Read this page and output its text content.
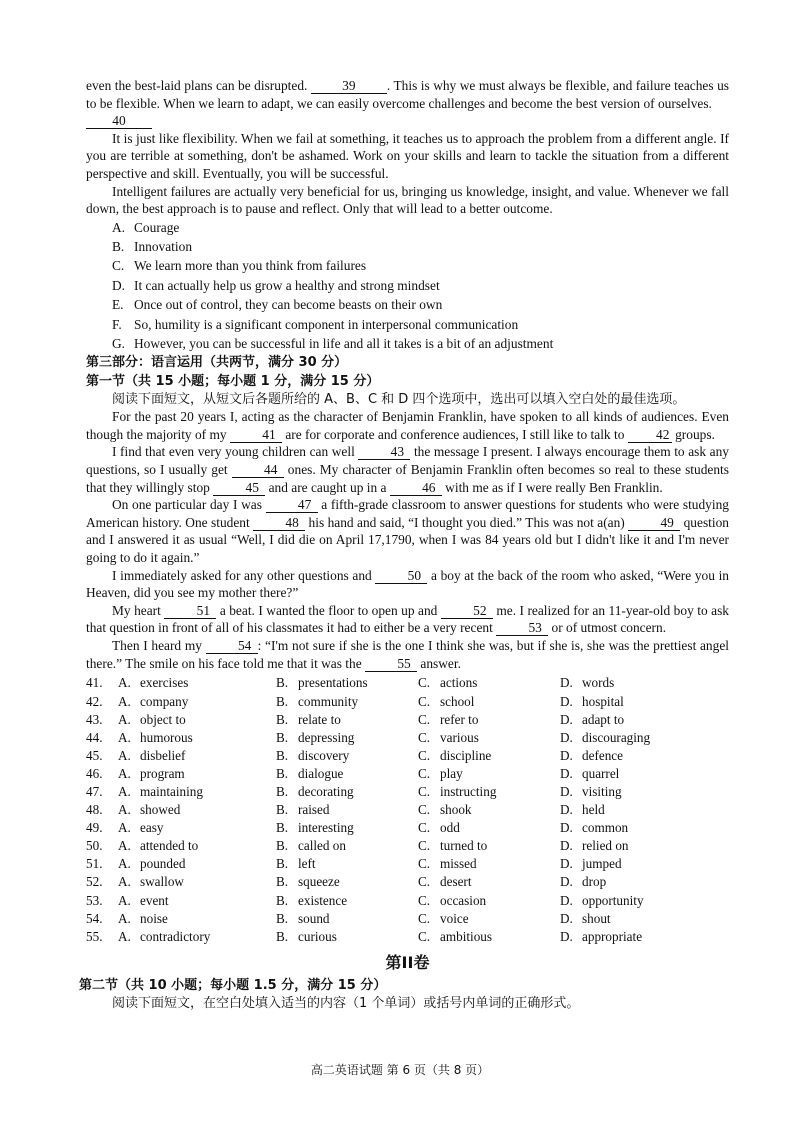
even the best-laid plans can be disrupted.	39 . This is why we must always be flexible, and failure teaches us to be flexible. When we learn to adapt, we can easily overcome challenges and become the best version of ourselves.

40

It is just like flexibility. When we fail at something, it teaches us to approach the problem from a different angle. If you are terrible at something, don't be ashamed. Work on your skills and learn to tackle the situation from a different perspective and skill. Eventually, you will be successful.

Intelligent failures are actually very beneficial for us, bringing us knowledge, insight, and value. Whenever we fall down, the best approach is to pause and reflect. Only that will lead to a better outcome.

A. Courage
B. Innovation
C. We learn more than you think from failures
D. It can actually help us grow a healthy and strong mindset
E. Once out of control, they can become beasts on their own
F. So, humility is a significant component in interpersonal communication
G. However, you can be successful in life and all it takes is a bit of an adjustment
第三部分：语言运用（共两节，满分 30 分）
第一节（共 15 小题；每小题 1 分，满分 15 分）
阅读下面短文，从短文后各题所给的 A、B、C 和 D 四个选项中，选出可以填入空白处的最佳选项。

For the past 20 years I, acting as the character of Benjamin Franklin, have spoken to all kinds of audiences. Even though the majority of my	41 are for corporate and conference audiences, I still like to talk to 42 groups.

I find that even very young children can well	43 the message I present. I always encourage them to ask any questions, so I usually get	44 ones. My character of Benjamin Franklin often becomes so real to these students that they willingly stop	45 and are caught up in a	46 with me as if I were really Ben Franklin.

On one particular day I was	47 a fifth-grade classroom to answer questions for students who were studying American history. One student	48 his hand and said, “I thought you died.” This was not a(an)	49 question and I answered it as usual “Well, I did die on April 17,1790, when I was 84 years old but I didn't like it and I'm never going to do it again.”

I immediately asked for any other questions and	50 a boy at the back of the room who asked, “Were you in Heaven, did you see my mother there?”

My heart	51 a beat. I wanted the floor to open up and	52 me. I realized for an 11-year-old boy to ask that question in front of all of his classmates it had to either be a very recent	53 or of utmost concern.

Then I heard my	54 : “I'm not sure if she is the one I think she was, but if she is, she was the prettiest angel there.” The smile on his face told me that it was the	55 answer.

41.	A. exercises	B. presentations	C. actions	D. words
42.	A. company	B. community	C. school	D. hospital
43.	A. object to	B. relate to	C. refer to	D. adapt to
44.	A. humorous	B. depressing	C. various	D. discouraging
45.	A. disbelief	B. discovery	C. discipline	D. defence
46.	A. program	B. dialogue	C. play	D. quarrel
47.	A. maintaining	B. decorating	C. instructing	D. visiting
48.	A. showed	B. raised	C. shook	D. held
49.	A. easy	B. interesting	C. odd	D. common
50.	A. attended to	B. called on	C. turned to	D. relied on
51.	A. pounded	B. left	C. missed	D. jumped
52.	A. swallow	B. squeeze	C. desert	D. drop
53.	A. event	B. existence	C. occasion	D. opportunity
54.	A. noise	B. sound	C. voice	D. shout
55.	A. contradictory	B. curious	C. ambitious	D. appropriate
第II卷
第二节（共 10 小题；每小题 1.5 分，满分 15 分）
阅读下面短文，在空白处填入适当的内容（1 个单词）或括号内单词的正确形式。
高二英语试题 第 6 页（共 8 页）
